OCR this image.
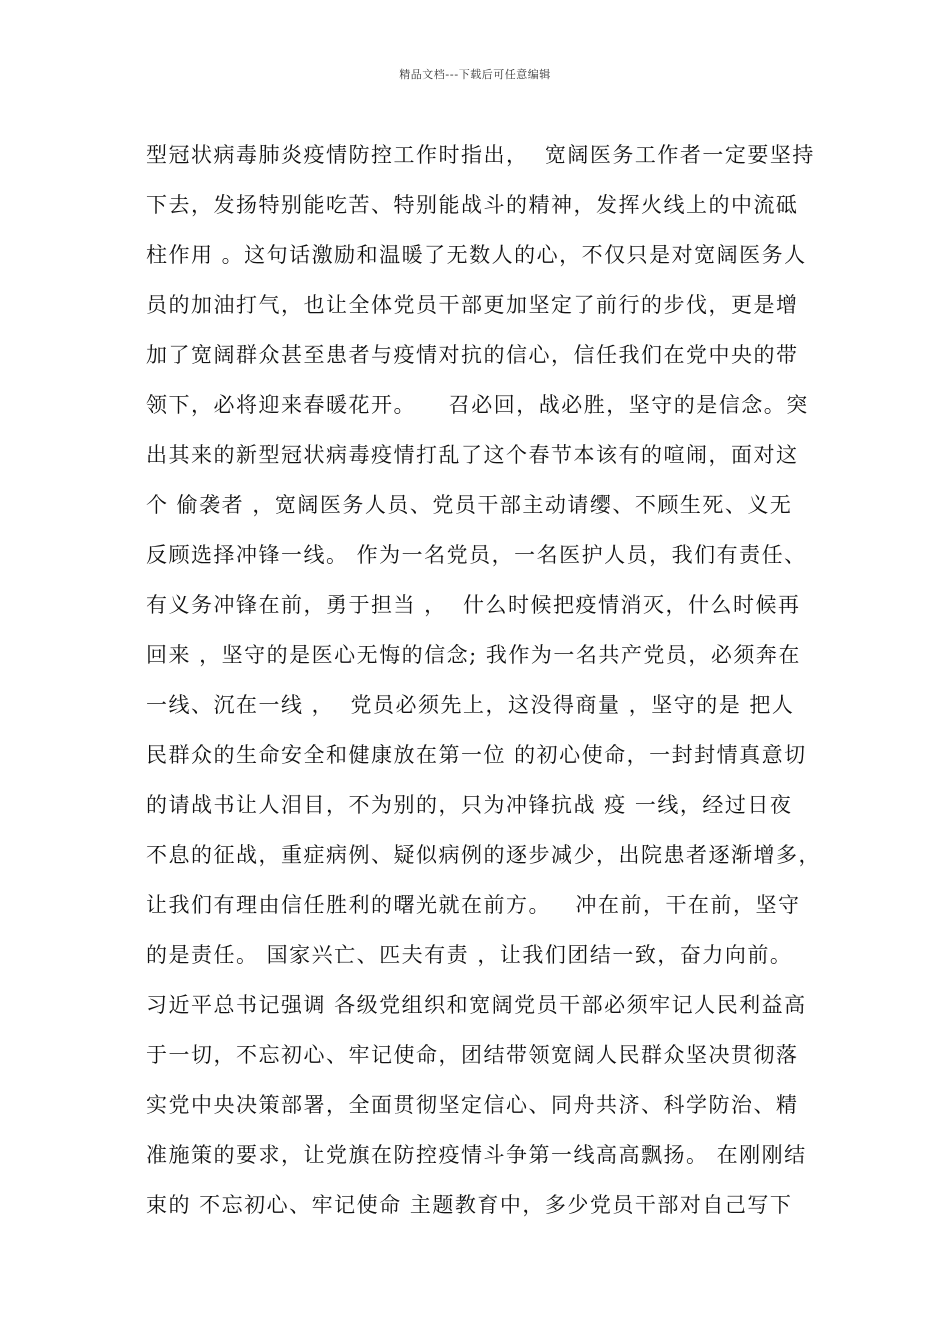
精品文档---下载后可任意编辑
型冠状病毒肺炎疫情防控工作时指出，  宽阔医务工作者一定要坚持
下去，发扬特别能吃苦、特别能战斗的精神，发挥火线上的中流砥
柱作用 。这句话激励和温暖了无数人的心，不仅只是对宽阔医务人
员的加油打气，也让全体党员干部更加坚定了前行的步伐，更是增
加了宽阔群众甚至患者与疫情对抗的信心，信任我们在党中央的带
领下，必将迎来春暖花开。    召必回，战必胜，坚守的是信念。突
出其来的新型冠状病毒疫情打乱了这个春节本该有的喧闹，面对这
个 偷袭者 ，宽阔医务人员、党员干部主动请缨、不顾生死、义无
反顾选择冲锋一线。 作为一名党员，一名医护人员，我们有责任、
有义务冲锋在前，勇于担当 ，  什么时候把疫情消灭，什么时候再
回来 ，坚守的是医心无悔的信念; 我作为一名共产党员，必须奔在
一线、沉在一线 ，  党员必须先上，这没得商量 ，坚守的是 把人
民群众的生命安全和健康放在第一位 的初心使命，一封封情真意切
的请战书让人泪目，不为别的，只为冲锋抗战 疫 一线，经过日夜
不息的征战，重症病例、疑似病例的逐步减少，出院患者逐渐增多，
让我们有理由信任胜利的曙光就在前方。   冲在前，干在前，坚守
的是责任。 国家兴亡、匹夫有责 ，让我们团结一致，奋力向前。
习近平总书记强调 各级党组织和宽阔党员干部必须牢记人民利益高
于一切，不忘初心、牢记使命，团结带领宽阔人民群众坚决贯彻落
实党中央决策部署，全面贯彻坚定信心、同舟共济、科学防治、精
准施策的要求，让党旗在防控疫情斗争第一线高高飘扬。 在刚刚结
束的 不忘初心、牢记使命 主题教育中，多少党员干部对自己写下
